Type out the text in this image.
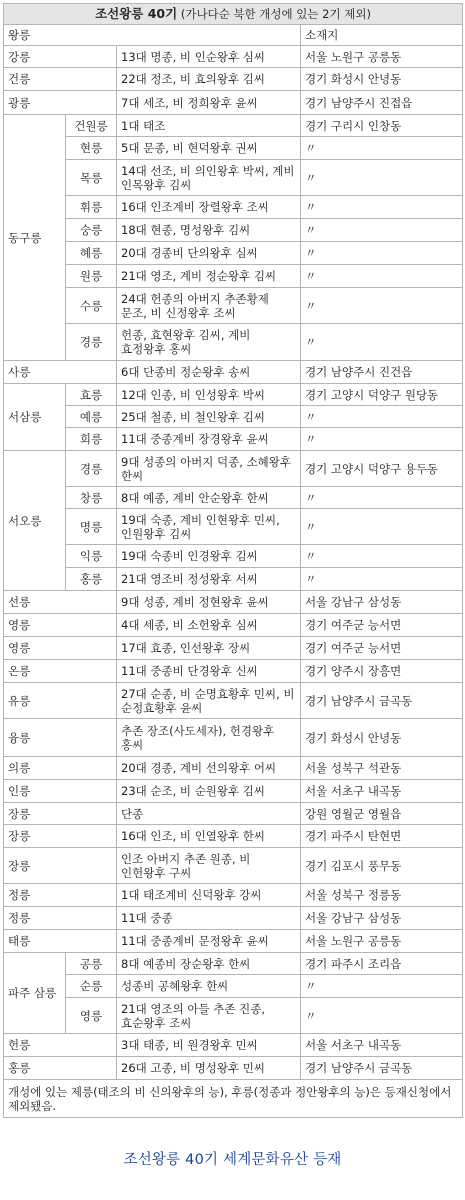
조선왕릉 40기 (가나다순 북한 개성에 있는 2기 제외)			
왕릉			소재지
강릉		13대 명종, 비 인순왕후 심씨	서울 노원구 공릉동
건릉		22대 정조, 비 효의왕후 김씨	경기 화성시 안녕동
광릉		7대 세조, 비 정희왕후 윤씨	경기 남양주시 진접읍
동구릉	건원릉	1대 태조	경기 구리시 인창동
	현릉	5대 문종, 비 현덕왕후 권씨	〃
	목릉	14대 선조, 비 의인왕후 박씨, 계비 인목왕후 김씨	〃
	휘릉	16대 인조계비 장렬왕후 조씨	〃
	숭릉	18대 현종, 명성왕후 김씨	〃
	혜릉	20대 경종비 단의왕후 심씨	〃
	원릉	21대 영조, 계비 정순왕후 김씨	〃
	수릉	24대 헌종의 아버지 추존황제 문조, 비 신정왕후 조씨	〃
	경릉	헌종, 효현왕후 김씨, 계비 효정왕후 홍씨	〃
사릉		6대 단종비 정순왕후 송씨	경기 남양주시 진건읍
서삼릉	효릉	12대 인종, 비 인성왕후 박씨	경기 고양시 덕양구 원당동
	예릉	25대 철종, 비 철인왕후 김씨	〃
	희릉	11대 중종계비 장경왕후 윤씨	〃
서오릉	경릉	9대 성종의 아버지 덕종, 소혜왕후 한씨	경기 고양시 덕양구 용두동
	창릉	8대 예종, 계비 안순왕후 한씨	〃
	명릉	19대 숙종, 계비 인현왕후 민씨, 인원왕후 김씨	〃
	익릉	19대 숙종비 인경왕후 김씨	〃
	홍릉	21대 영조비 정성왕후 서씨	〃
선릉		9대 성종, 계비 정현왕후 윤씨	서울 강남구 삼성동
영릉		4대 세종, 비 소헌왕후 심씨	경기 여주군 능서면
영릉		17대 효종, 인선왕후 장씨	경기 여주군 능서면
온릉		11대 중종비 단경왕후 신씨	경기 양주시 장흥면
유릉		27대 순종, 비 순명효황후 민씨, 비 순정효황후 윤씨	경기 남양주시 금곡동
융릉		추존 장조(사도세자), 헌경왕후 홍씨	경기 화성시 안녕동
의릉		20대 경종, 계비 선의왕후 어씨	서울 성북구 석관동
인릉		23대 순조, 비 순원왕후 김씨	서울 서초구 내곡동
장릉		단종	강원 영월군 영월읍
장릉		16대 인조, 비 인열왕후 한씨	경기 파주시 탄현면
장릉		인조 아버지 추존 원종, 비 인헌왕후 구씨	경기 김포시 풍무동
정릉		1대 태조계비 신덕왕후 강씨	서울 성북구 정릉동
정릉		11대 중종	서울 강남구 삼성동
태릉		11대 중종계비 문정왕후 윤씨	서울 노원구 공릉동
파주 삼릉	공릉	8대 예종비 장순왕후 한씨	경기 파주시 조리읍
	순릉	성종비 공혜왕후 한씨	〃
	영릉	21대 영조의 아들 추존 진종, 효순왕후 조씨	〃
헌릉		3대 태종, 비 원경왕후 민씨	서울 서초구 내곡동
홍릉		26대 고종, 비 명성왕후 민씨	경기 남양주시 금곡동
개성에 있는 제릉(태조의 비 신의왕후의 능), 후릉(정종과 정안왕후의 능)은 등재신청에서 제외됐음.			
조선왕릉 40기 세계문화유산 등재
